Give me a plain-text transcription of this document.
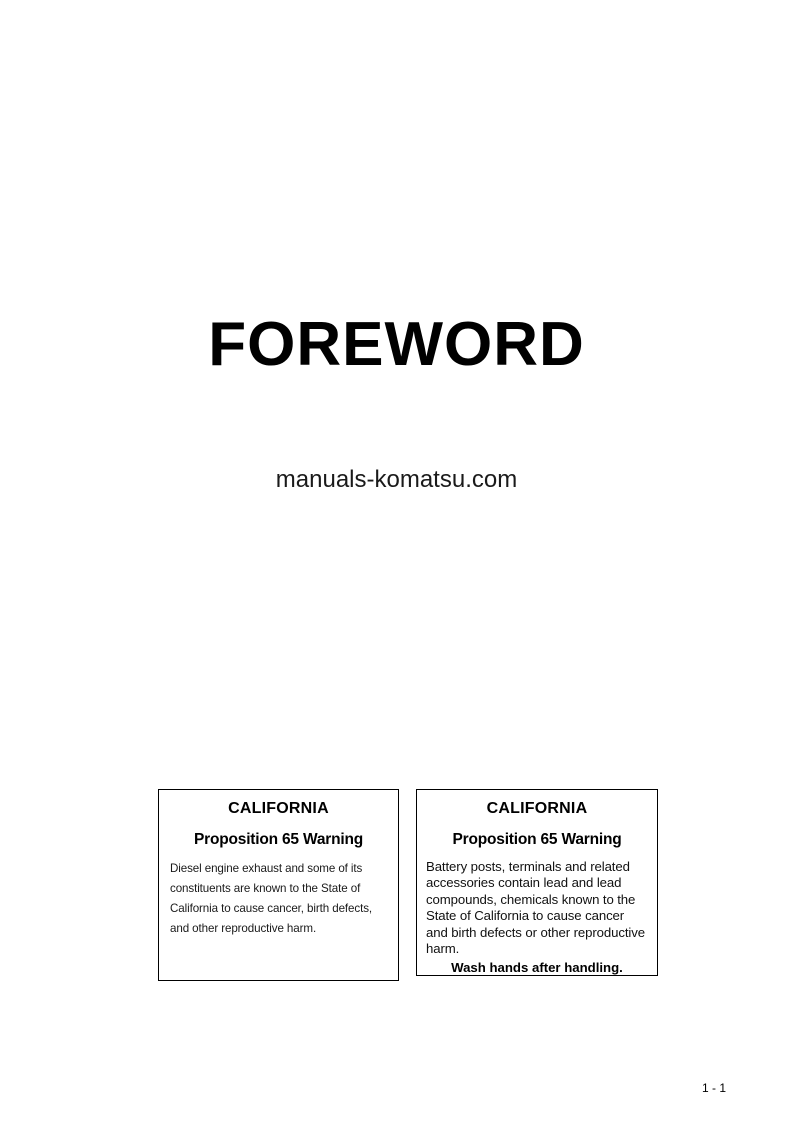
FOREWORD
manuals-komatsu.com
CALIFORNIA
Proposition 65 Warning
Diesel engine exhaust and some of its constituents are known to the State of California to cause cancer, birth defects, and other reproductive harm.
CALIFORNIA
Proposition 65 Warning
Battery posts, terminals and related accessories contain lead and lead compounds, chemicals known to the State of California to cause cancer and birth defects or other reproductive harm.
Wash hands after handling.
1 - 1
